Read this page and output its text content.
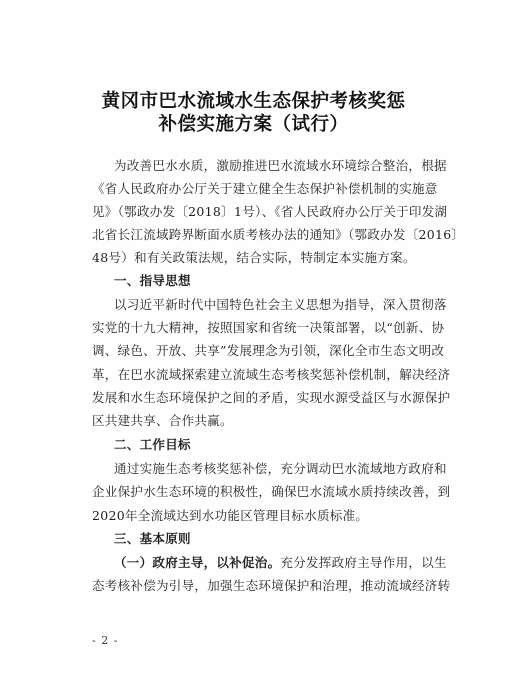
黄冈市巴水流域水生态保护考核奖惩
补偿实施方案（试行）
为改善巴水水质，激励推进巴水流域水环境综合整治，根据
《省人民政府办公厅关于建立健全生态保护补偿机制的实施意
见》（鄂政办发〔2018〕1号）、《省人民政府办公厅关于印发湖
北省长江流域跨界断面水质考核办法的通知》（鄂政办发〔2016〕
48号）和有关政策法规，结合实际，特制定本实施方案。
一、指导思想
以习近平新时代中国特色社会主义思想为指导，深入贯彻落
实党的十九大精神，按照国家和省统一决策部署，以“创新、协
调、绿色、开放、共享”发展理念为引领，深化全市生态文明改
革，在巴水流域探索建立流域生态考核奖惩补偿机制，解决经济
发展和水生态环境保护之间的矛盾，实现水源受益区与水源保护
区共建共享、合作共赢。
二、工作目标
通过实施生态考核奖惩补偿，充分调动巴水流域地方政府和
企业保护水生态环境的积极性，确保巴水流域水质持续改善，到
2020年全流域达到水功能区管理目标水质标准。
三、基本原则
（一）政府主导，以补促治。充分发挥政府主导作用，以生
态考核补偿为引导，加强生态环境保护和治理，推动流域经济转
- 2 -
